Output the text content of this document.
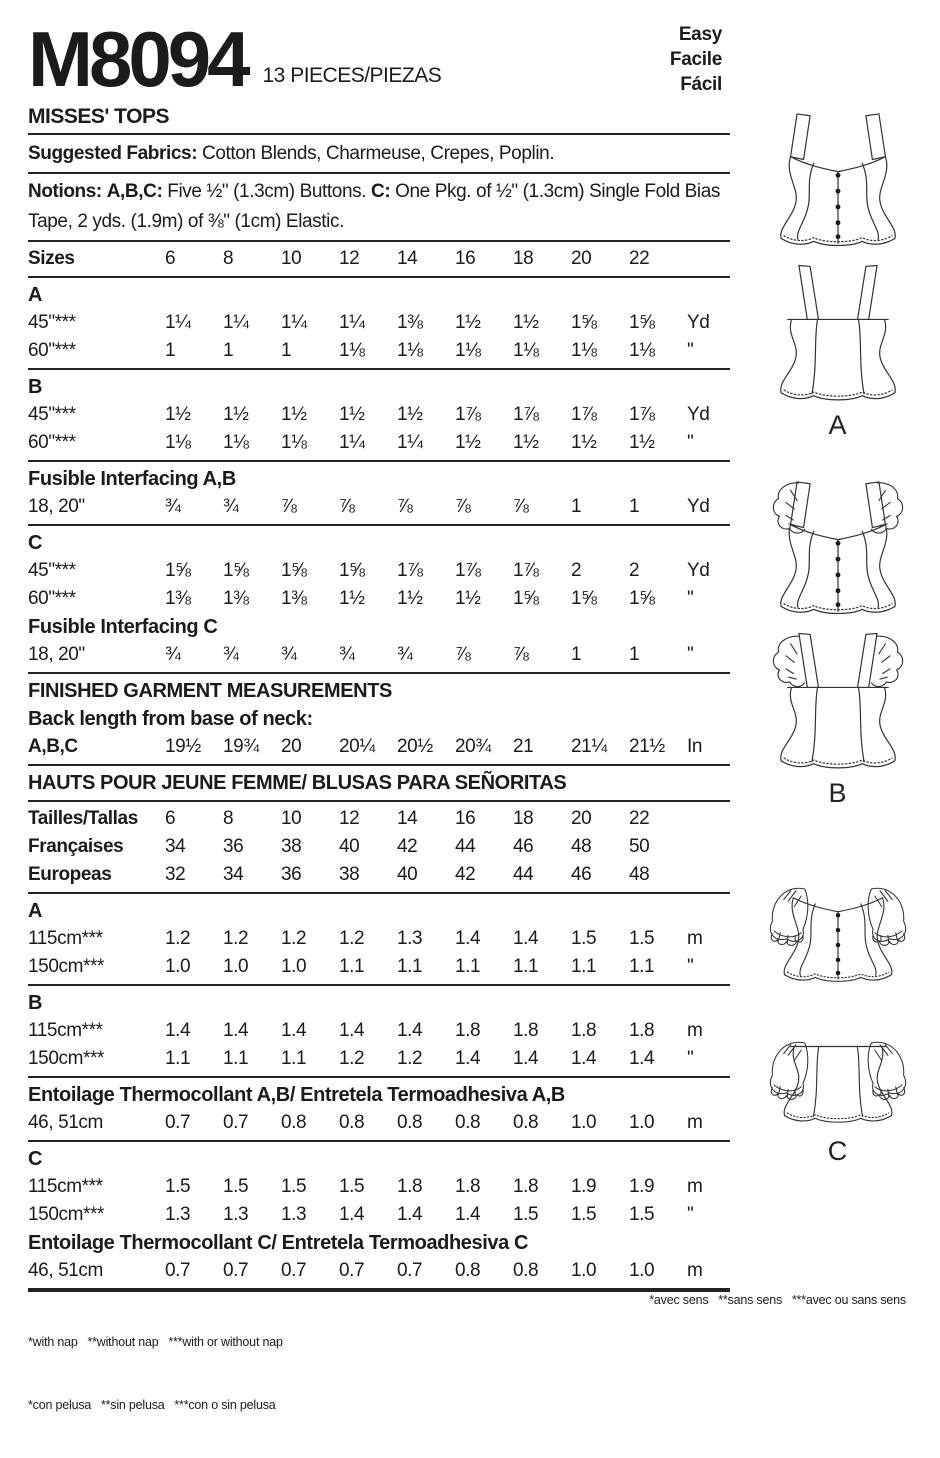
M8094 13 PIECES/PIEZAS
Easy
Facile
Fácil
MISSES' TOPS
Suggested Fabrics: Cotton Blends, Charmeuse, Crepes, Poplin.
Notions: A,B,C: Five ½" (1.3cm) Buttons. C: One Pkg. of ½" (1.3cm) Single Fold Bias Tape, 2 yds. (1.9m) of ⅜" (1cm) Elastic.
Sizes	6	8	10	12	14	16	18	20	22
A
45"***	1¼	1¼	1¼	1¼	1⅜	1½	1½	1⅝	1⅝	Yd
60"***	1	1	1	1⅛	1⅛	1⅛	1⅛	1⅛	1⅛	"
B
45"***	1½	1½	1½	1½	1½	1⅞	1⅞	1⅞	1⅞	Yd
60"***	1⅛	1⅛	1⅛	1¼	1¼	1½	1½	1½	1½	"
Fusible Interfacing A,B
18, 20"	¾	¾	⅞	⅞	⅞	⅞	⅞	1	1	Yd
C
45"***	1⅝	1⅝	1⅝	1⅝	1⅞	1⅞	1⅞	2	2	Yd
60"***	1⅜	1⅜	1⅜	1½	1½	1½	1⅝	1⅝	1⅝	"
Fusible Interfacing C
18, 20"	¾	¾	¾	¾	¾	⅞	⅞	1	1	"
FINISHED GARMENT MEASUREMENTS
Back length from base of neck:
A,B,C	19½	19¾	20	20¼	20½	20¾	21	21¼	21½	In
HAUTS POUR JEUNE FEMME/ BLUSAS PARA SEÑORITAS
Tailles/Tallas	6	8	10	12	14	16	18	20	22
Françaises	34	36	38	40	42	44	46	48	50
Europeas	32	34	36	38	40	42	44	46	48
A
115cm***	1.2	1.2	1.2	1.2	1.3	1.4	1.4	1.5	1.5	m
150cm***	1.0	1.0	1.0	1.1	1.1	1.1	1.1	1.1	1.1	"
B
115cm***	1.4	1.4	1.4	1.4	1.4	1.8	1.8	1.8	1.8	m
150cm***	1.1	1.1	1.1	1.2	1.2	1.4	1.4	1.4	1.4	"
Entoilage Thermocollant A,B/ Entretela Termoadhesiva A,B
46, 51cm	0.7	0.7	0.8	0.8	0.8	0.8	0.8	1.0	1.0	m
C
115cm***	1.5	1.5	1.5	1.5	1.8	1.8	1.8	1.9	1.9	m
150cm***	1.3	1.3	1.3	1.4	1.4	1.4	1.5	1.5	1.5	"
Entoilage Thermocollant C/ Entretela Termoadhesiva C
46, 51cm	0.7	0.7	0.7	0.7	0.7	0.8	0.8	1.0	1.0	m

*with nap   **without nap   ***with or without nap

*con pelusa   **sin pelusa   ***con o sin pelusa

*avec sens   **sans sens   ***avec ou sans sens
A
B
C
